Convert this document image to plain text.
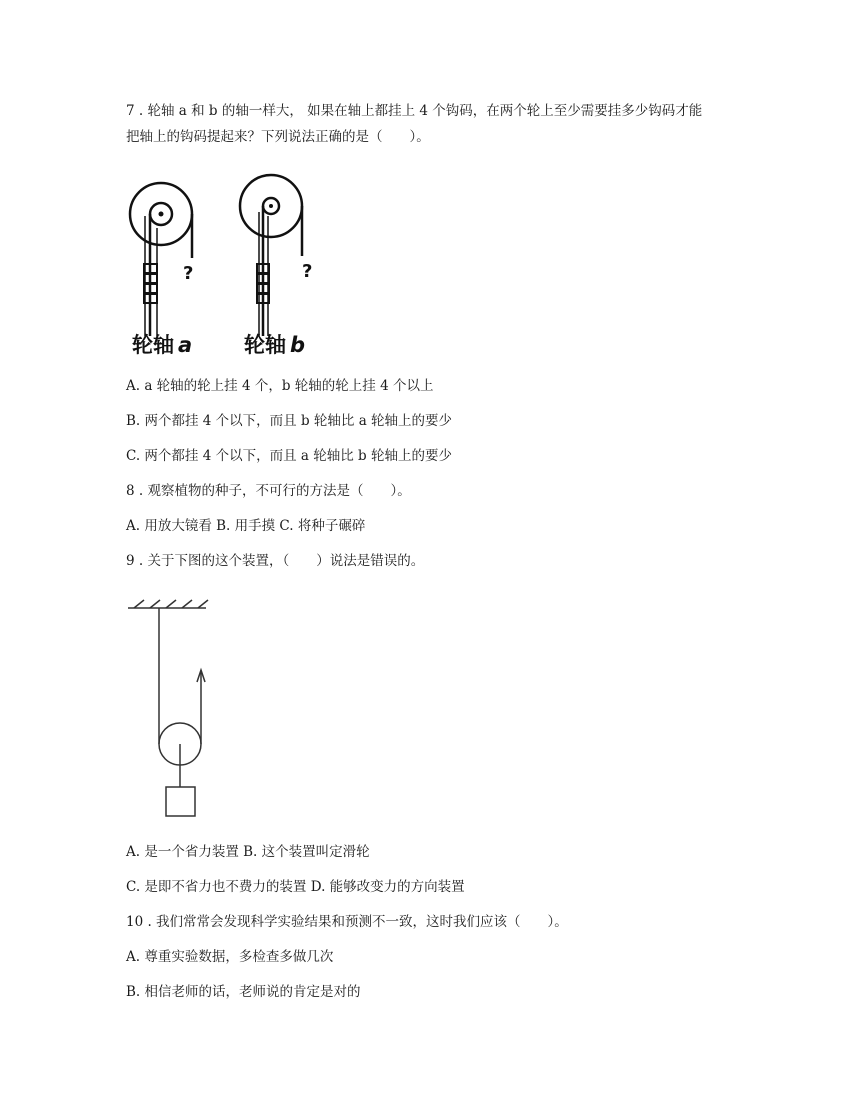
7 . 轮轴 a 和 b 的轴一样大， 如果在轴上都挂上 4 个钩码，在两个轮上至少需要挂多少钩码才能
把轴上的钩码提起来？下列说法正确的是（　　）。
?
轮轴 a
?
轮轴 b
A. a 轮轴的轮上挂 4 个，b 轮轴的轮上挂 4 个以上
B. 两个都挂 4 个以下，而且 b 轮轴比 a 轮轴上的要少
C. 两个都挂 4 个以下，而且 a 轮轴比 b 轮轴上的要少
8 . 观察植物的种子，不可行的方法是（　　）。
A. 用放大镜看 B. 用手摸 C. 将种子碾碎
9 . 关于下图的这个装置，（　　）说法是错误的。
A. 是一个省力装置 B. 这个装置叫定滑轮
C. 是即不省力也不费力的装置 D. 能够改变力的方向装置
10 . 我们常常会发现科学实验结果和预测不一致，这时我们应该（　　）。
A. 尊重实验数据，多检查多做几次
B. 相信老师的话，老师说的肯定是对的
